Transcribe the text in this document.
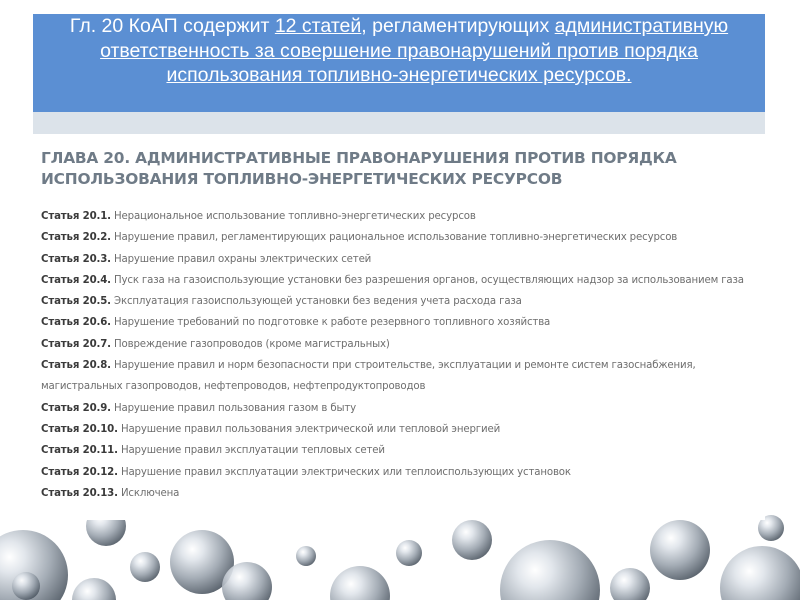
Гл. 20 КоАП содержит 12 статей, регламентирующих административную ответственность за совершение правонарушений против порядка использования топливно-энергетических ресурсов.
ГЛАВА 20. АДМИНИСТРАТИВНЫЕ ПРАВОНАРУШЕНИЯ ПРОТИВ ПОРЯДКА ИСПОЛЬЗОВАНИЯ ТОПЛИВНО-ЭНЕРГЕТИЧЕСКИХ РЕСУРСОВ
Статья 20.1. Нерациональное использование топливно-энергетических ресурсов
Статья 20.2. Нарушение правил, регламентирующих рациональное использование топливно-энергетических ресурсов
Статья 20.3. Нарушение правил охраны электрических сетей
Статья 20.4. Пуск газа на газоиспользующие установки без разрешения органов, осуществляющих надзор за использованием газа
Статья 20.5. Эксплуатация газоиспользующей установки без ведения учета расхода газа
Статья 20.6. Нарушение требований по подготовке к работе резервного топливного хозяйства
Статья 20.7. Повреждение газопроводов (кроме магистральных)
Статья 20.8. Нарушение правил и норм безопасности при строительстве, эксплуатации и ремонте систем газоснабжения, магистральных газопроводов, нефтепроводов, нефтепродуктопроводов
Статья 20.9. Нарушение правил пользования газом в быту
Статья 20.10. Нарушение правил пользования электрической или тепловой энергией
Статья 20.11. Нарушение правил эксплуатации тепловых сетей
Статья 20.12. Нарушение правил эксплуатации электрических или теплоиспользующих установок
Статья 20.13. Исключена
